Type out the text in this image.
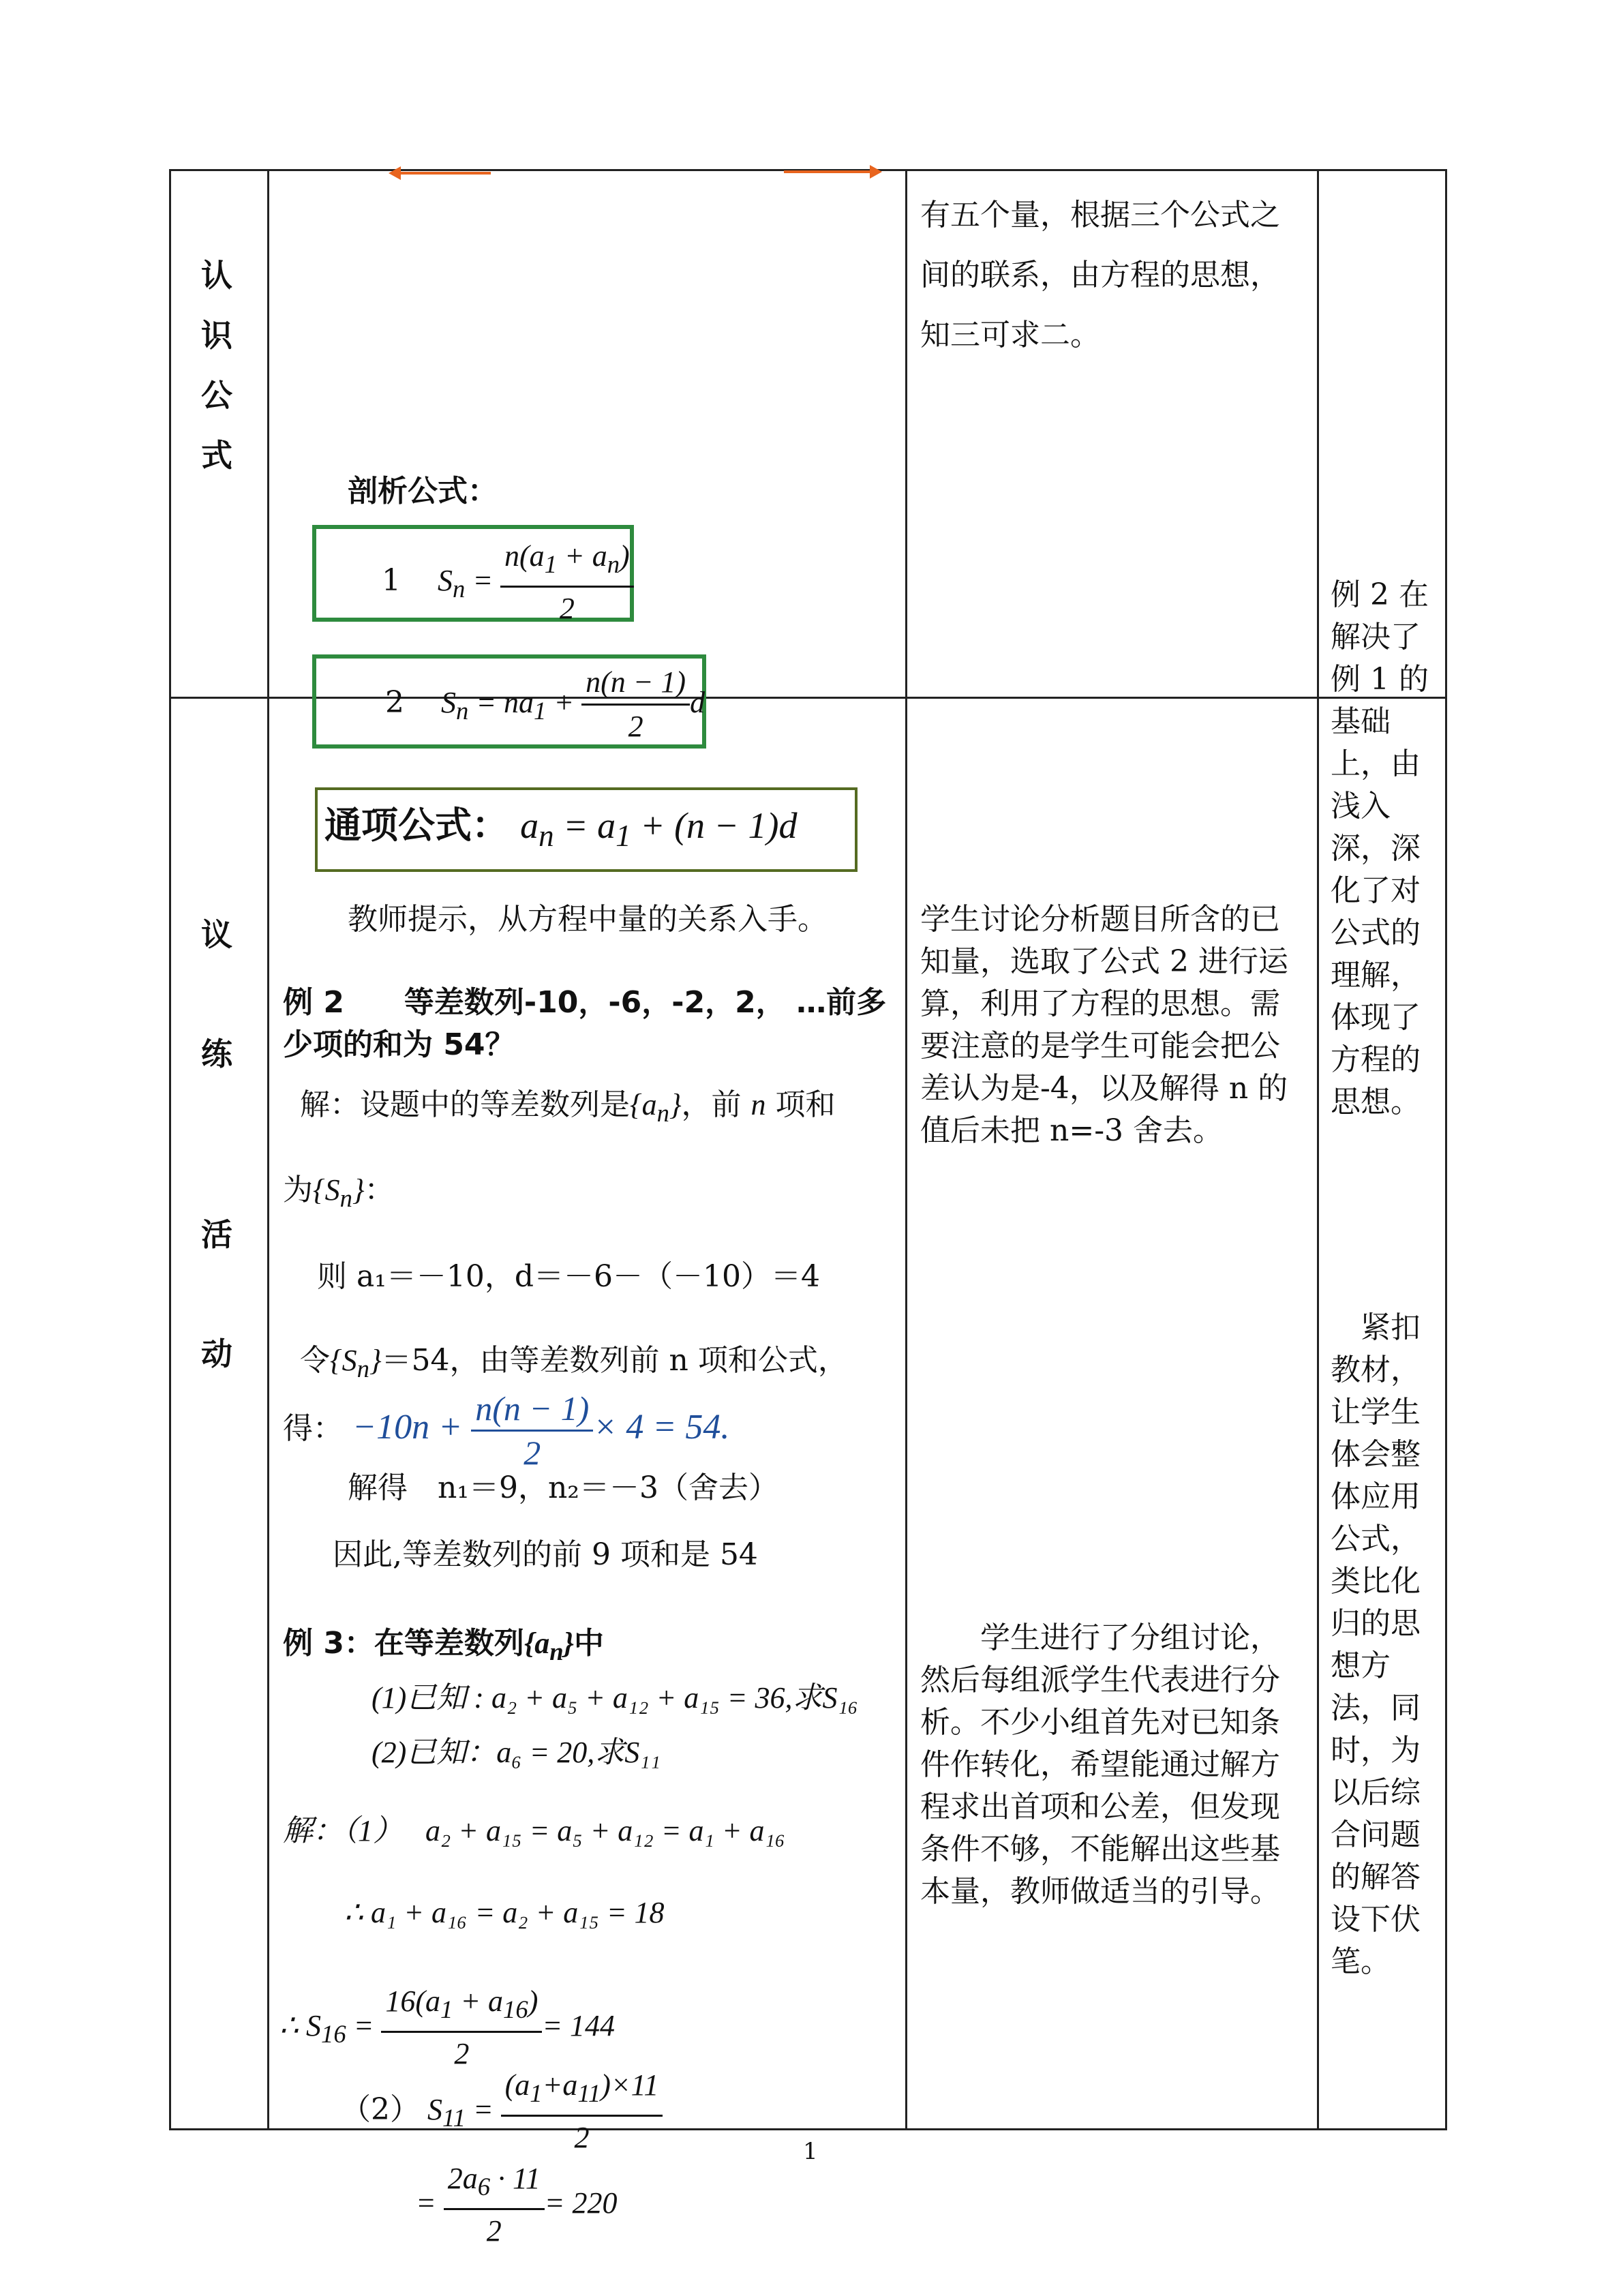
认
识
公
式
议
练
活
动
有五个量，根据三个公式之间的联系，由方程的思想，知三可求二。
剖析公式：
1 $S_n = \frac{n(a_1 + a_n)}{2}$
2 $S_n = na_1 + \frac{n(n - 1)}{2}$ d
通项公式： $a_n = a_1 + (n - 1)d$
教师提示，从方程中量的关系入手。
例 2　　等差数列-10，-6，-2，2， …前多少项的和为 54？
解：设题中的等差数列是$\{a_n\}$，前 n 项和
为$\{S_n\}$：
则 a₁＝－10，d＝－6－（－10）＝4
令$\{S_n\}=54$，由等差数列前 n 项和公式，
得： $-10n + \frac{n(n - 1)}{2} \times 4 = 54$.
解得　n₁＝9，n₂＝－3（舍去）
因此,等差数列的前 9 项和是 54
例 3：在等差数列$\{a_n\}$中
(1)已知 : a₂ + a₅ + a₁₂ + a₁₅ = 36,求S₁₆
(2)已知：a₆ = 20,求S₁₁
解：（1）　 a₂ + a₁₅ = a₅ + a₁₂ = a₁ + a₁₆
∴ a₁ + a₁₆ = a₂ + a₁₅ = 18
∴ $S_{16} = \frac{16(a_1 + a_{16})}{2} = 144$
（2） $S_{11} = \frac{(a_1+a_{11})\times 11}{2}$
= $\frac{2a_6 \cdot 11}{2} = 220$
学生讨论分析题目所含的已知量，选取了公式 2 进行运算，利用了方程的思想。需要注意的是学生可能会把公差认为是-4，以及解得 n 的值后未把 n=-3 舍去。
　　学生进行了分组讨论，然后每组派学生代表进行分析。不少小组首先对已知条件作转化，希望能通过解方程求出首项和公差，但发现条件不够，不能解出这些基本量，教师做适当的引导。
例 2 在解决了例 1 的基础上，由浅入深，深化了对公式的理解，体现了方程的思想。
　紧扣教材，让学生体会整体应用公式，类比化归的思想方法，同时，为以后综合问题的解答设下伏笔。
1
